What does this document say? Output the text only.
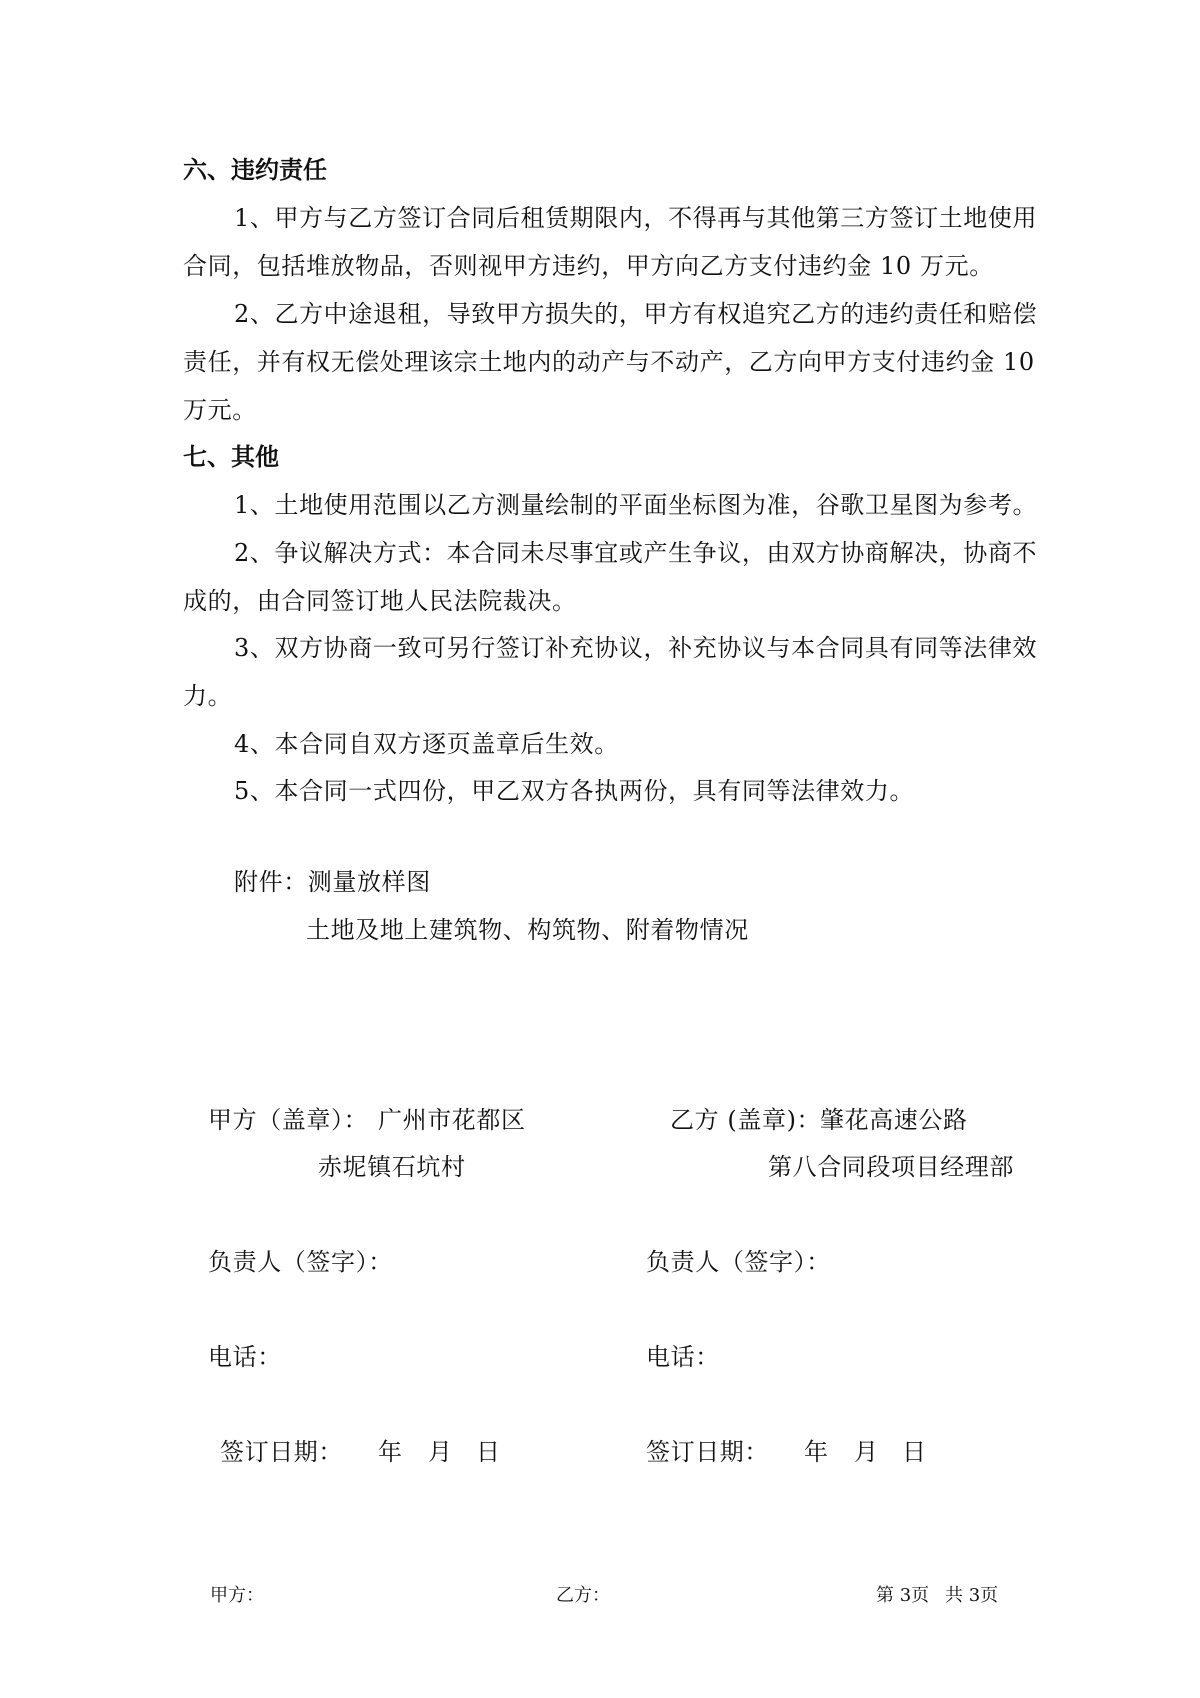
六、违约责任
1、甲方与乙方签订合同后租赁期限内，不得再与其他第三方签订土地使用
合同，包括堆放物品，否则视甲方违约，甲方向乙方支付违约金 10 万元。
2、乙方中途退租，导致甲方损失的，甲方有权追究乙方的违约责任和赔偿
责任，并有权无偿处理该宗土地内的动产与不动产，乙方向甲方支付违约金 10
万元。
七、其他
1、土地使用范围以乙方测量绘制的平面坐标图为准，谷歌卫星图为参考。
2、争议解决方式：本合同未尽事宜或产生争议，由双方协商解决，协商不
成的，由合同签订地人民法院裁决。
3、双方协商一致可另行签订补充协议，补充协议与本合同具有同等法律效
力。
4、本合同自双方逐页盖章后生效。
5、本合同一式四份，甲乙双方各执两份，具有同等法律效力。
附件：测量放样图
土地及地上建筑物、构筑物、附着物情况
甲方（盖章）： 广州市花都区
赤坭镇石坑村
负责人（签字）：
电话：
签订日期： 年 月 日
乙方 (盖章)：
肇花高速公路
第八合同段项目经理部
负责人（签字）：
电话：
签订日期： 年 月 日
甲方：	乙方：	第 3页 共 3页
